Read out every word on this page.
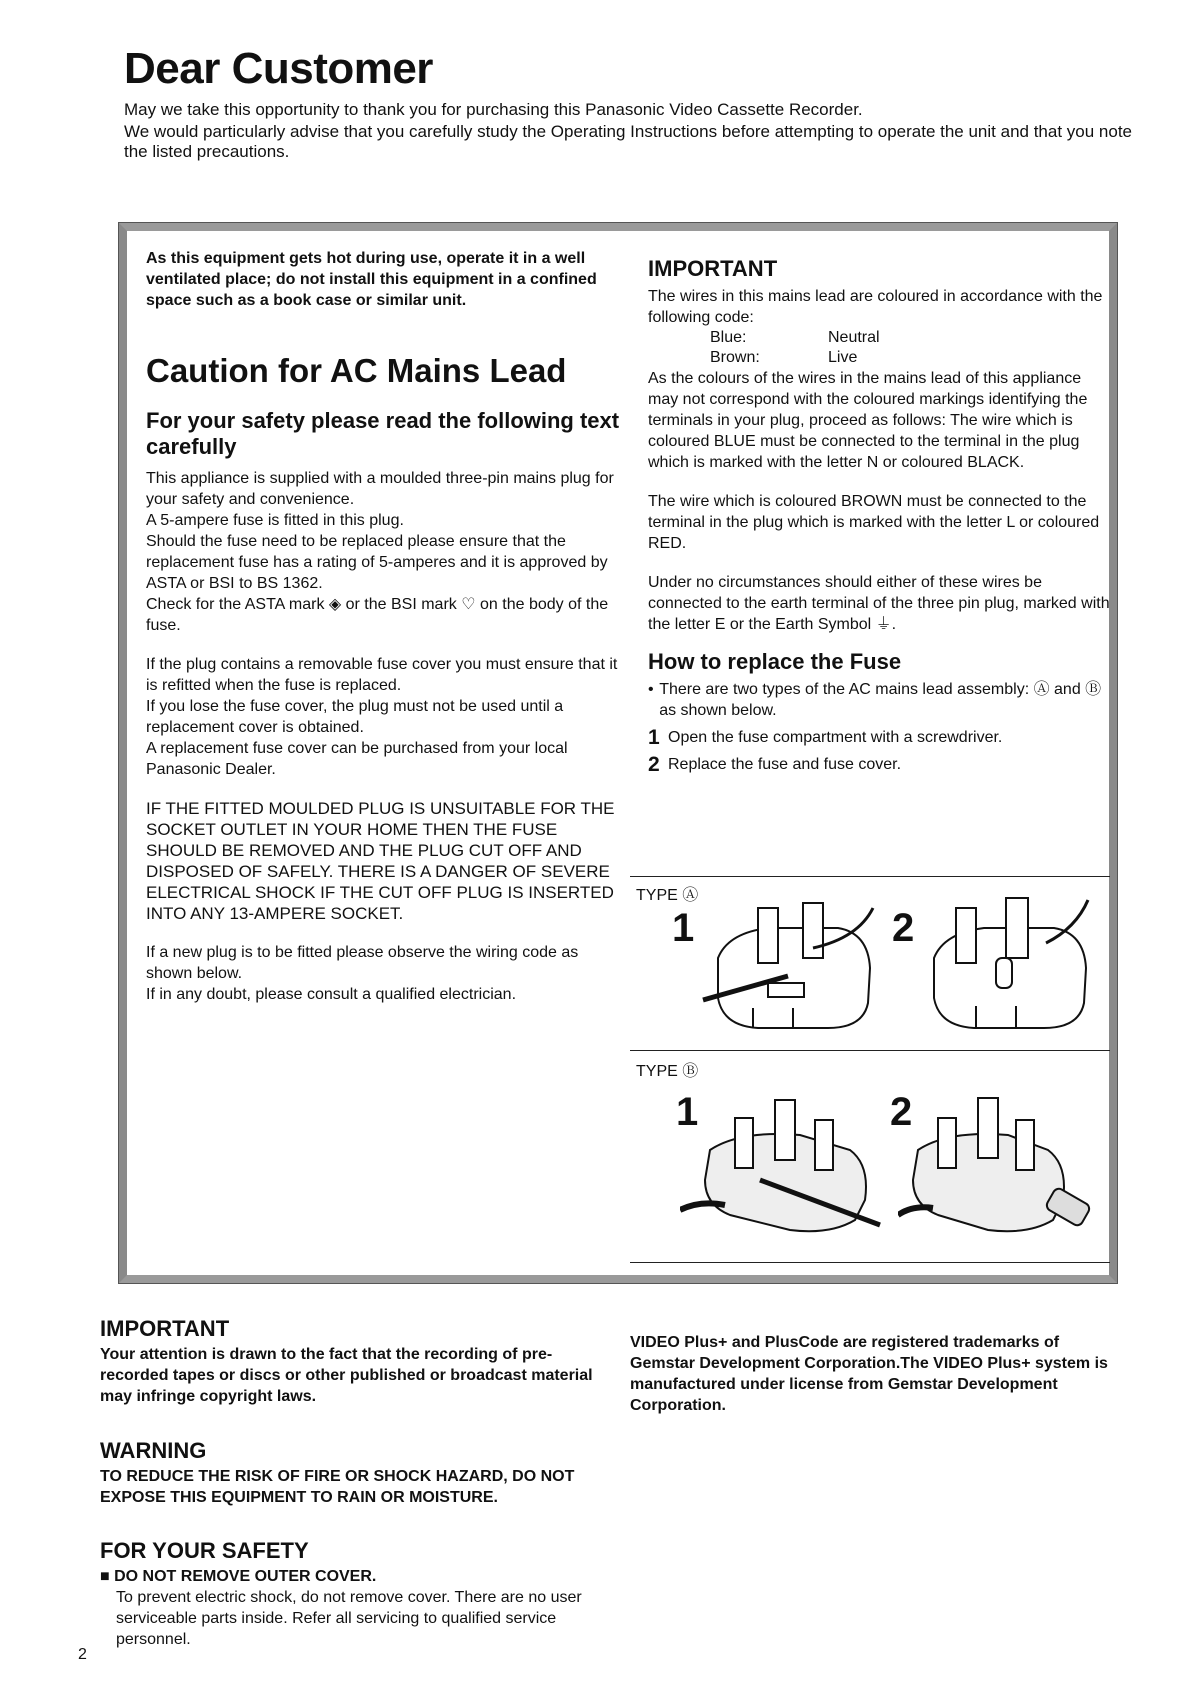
Dear Customer
May we take this opportunity to thank you for purchasing this Panasonic Video Cassette Recorder.
We would particularly advise that you carefully study the Operating Instructions before attempting to operate the unit and that you note the listed precautions.
As this equipment gets hot during use, operate it in a well ventilated place; do not install this equipment in a confined space such as a book case or similar unit.
Caution for AC Mains Lead
For your safety please read the following text carefully

This appliance is supplied with a moulded three-pin mains plug for your safety and convenience.

A 5-ampere fuse is fitted in this plug.

Should the fuse need to be replaced please ensure that the replacement fuse has a rating of 5-amperes and it is approved by ASTA or BSI to BS 1362.

Check for the ASTA mark ◈ or the BSI mark ♡ on the body of the fuse.

If the plug contains a removable fuse cover you must ensure that it is refitted when the fuse is replaced.

If you lose the fuse cover, the plug must not be used until a replacement cover is obtained.

A replacement fuse cover can be purchased from your local Panasonic Dealer.

IF THE FITTED MOULDED PLUG IS UNSUITABLE FOR THE SOCKET OUTLET IN YOUR HOME THEN THE FUSE SHOULD BE REMOVED AND THE PLUG CUT OFF AND DISPOSED OF SAFELY. THERE IS A DANGER OF SEVERE ELECTRICAL SHOCK IF THE CUT OFF PLUG IS INSERTED INTO ANY 13-AMPERE SOCKET.

If a new plug is to be fitted please observe the wiring code as shown below.

If in any doubt, please consult a qualified electrician.

IMPORTANT

The wires in this mains lead are coloured in accordance with the following code:

Blue:	Neutral
Brown:	Live

As the colours of the wires in the mains lead of this appliance may not correspond with the coloured markings identifying the terminals in your plug, proceed as follows: The wire which is coloured BLUE must be connected to the terminal in the plug which is marked with the letter N or coloured BLACK.

The wire which is coloured BROWN must be connected to the terminal in the plug which is marked with the letter L or coloured RED.

Under no circumstances should either of these wires be connected to the earth terminal of the three pin plug, marked with the letter E or the Earth Symbol ⏚.

How to replace the Fuse
• There are two types of the AC mains lead assembly: Ⓐ and Ⓑ as shown below.
1 Open the fuse compartment with a screwdriver.
2 Replace the fuse and fuse cover.
TYPE Ⓐ
1	2
TYPE Ⓑ
1	2
IMPORTANT

Your attention is drawn to the fact that the recording of pre-recorded tapes or discs or other published or broadcast material may infringe copyright laws.

WARNING

TO REDUCE THE RISK OF FIRE OR SHOCK HAZARD, DO NOT EXPOSE THIS EQUIPMENT TO RAIN OR MOISTURE.

FOR YOUR SAFETY
■ DO NOT REMOVE OUTER COVER.
To prevent electric shock, do not remove cover. There are no user serviceable parts inside. Refer all servicing to qualified service personnel.
VIDEO Plus+ and PlusCode are registered trademarks of Gemstar Development Corporation.The VIDEO Plus+ system is manufactured under license from Gemstar Development Corporation.
2
